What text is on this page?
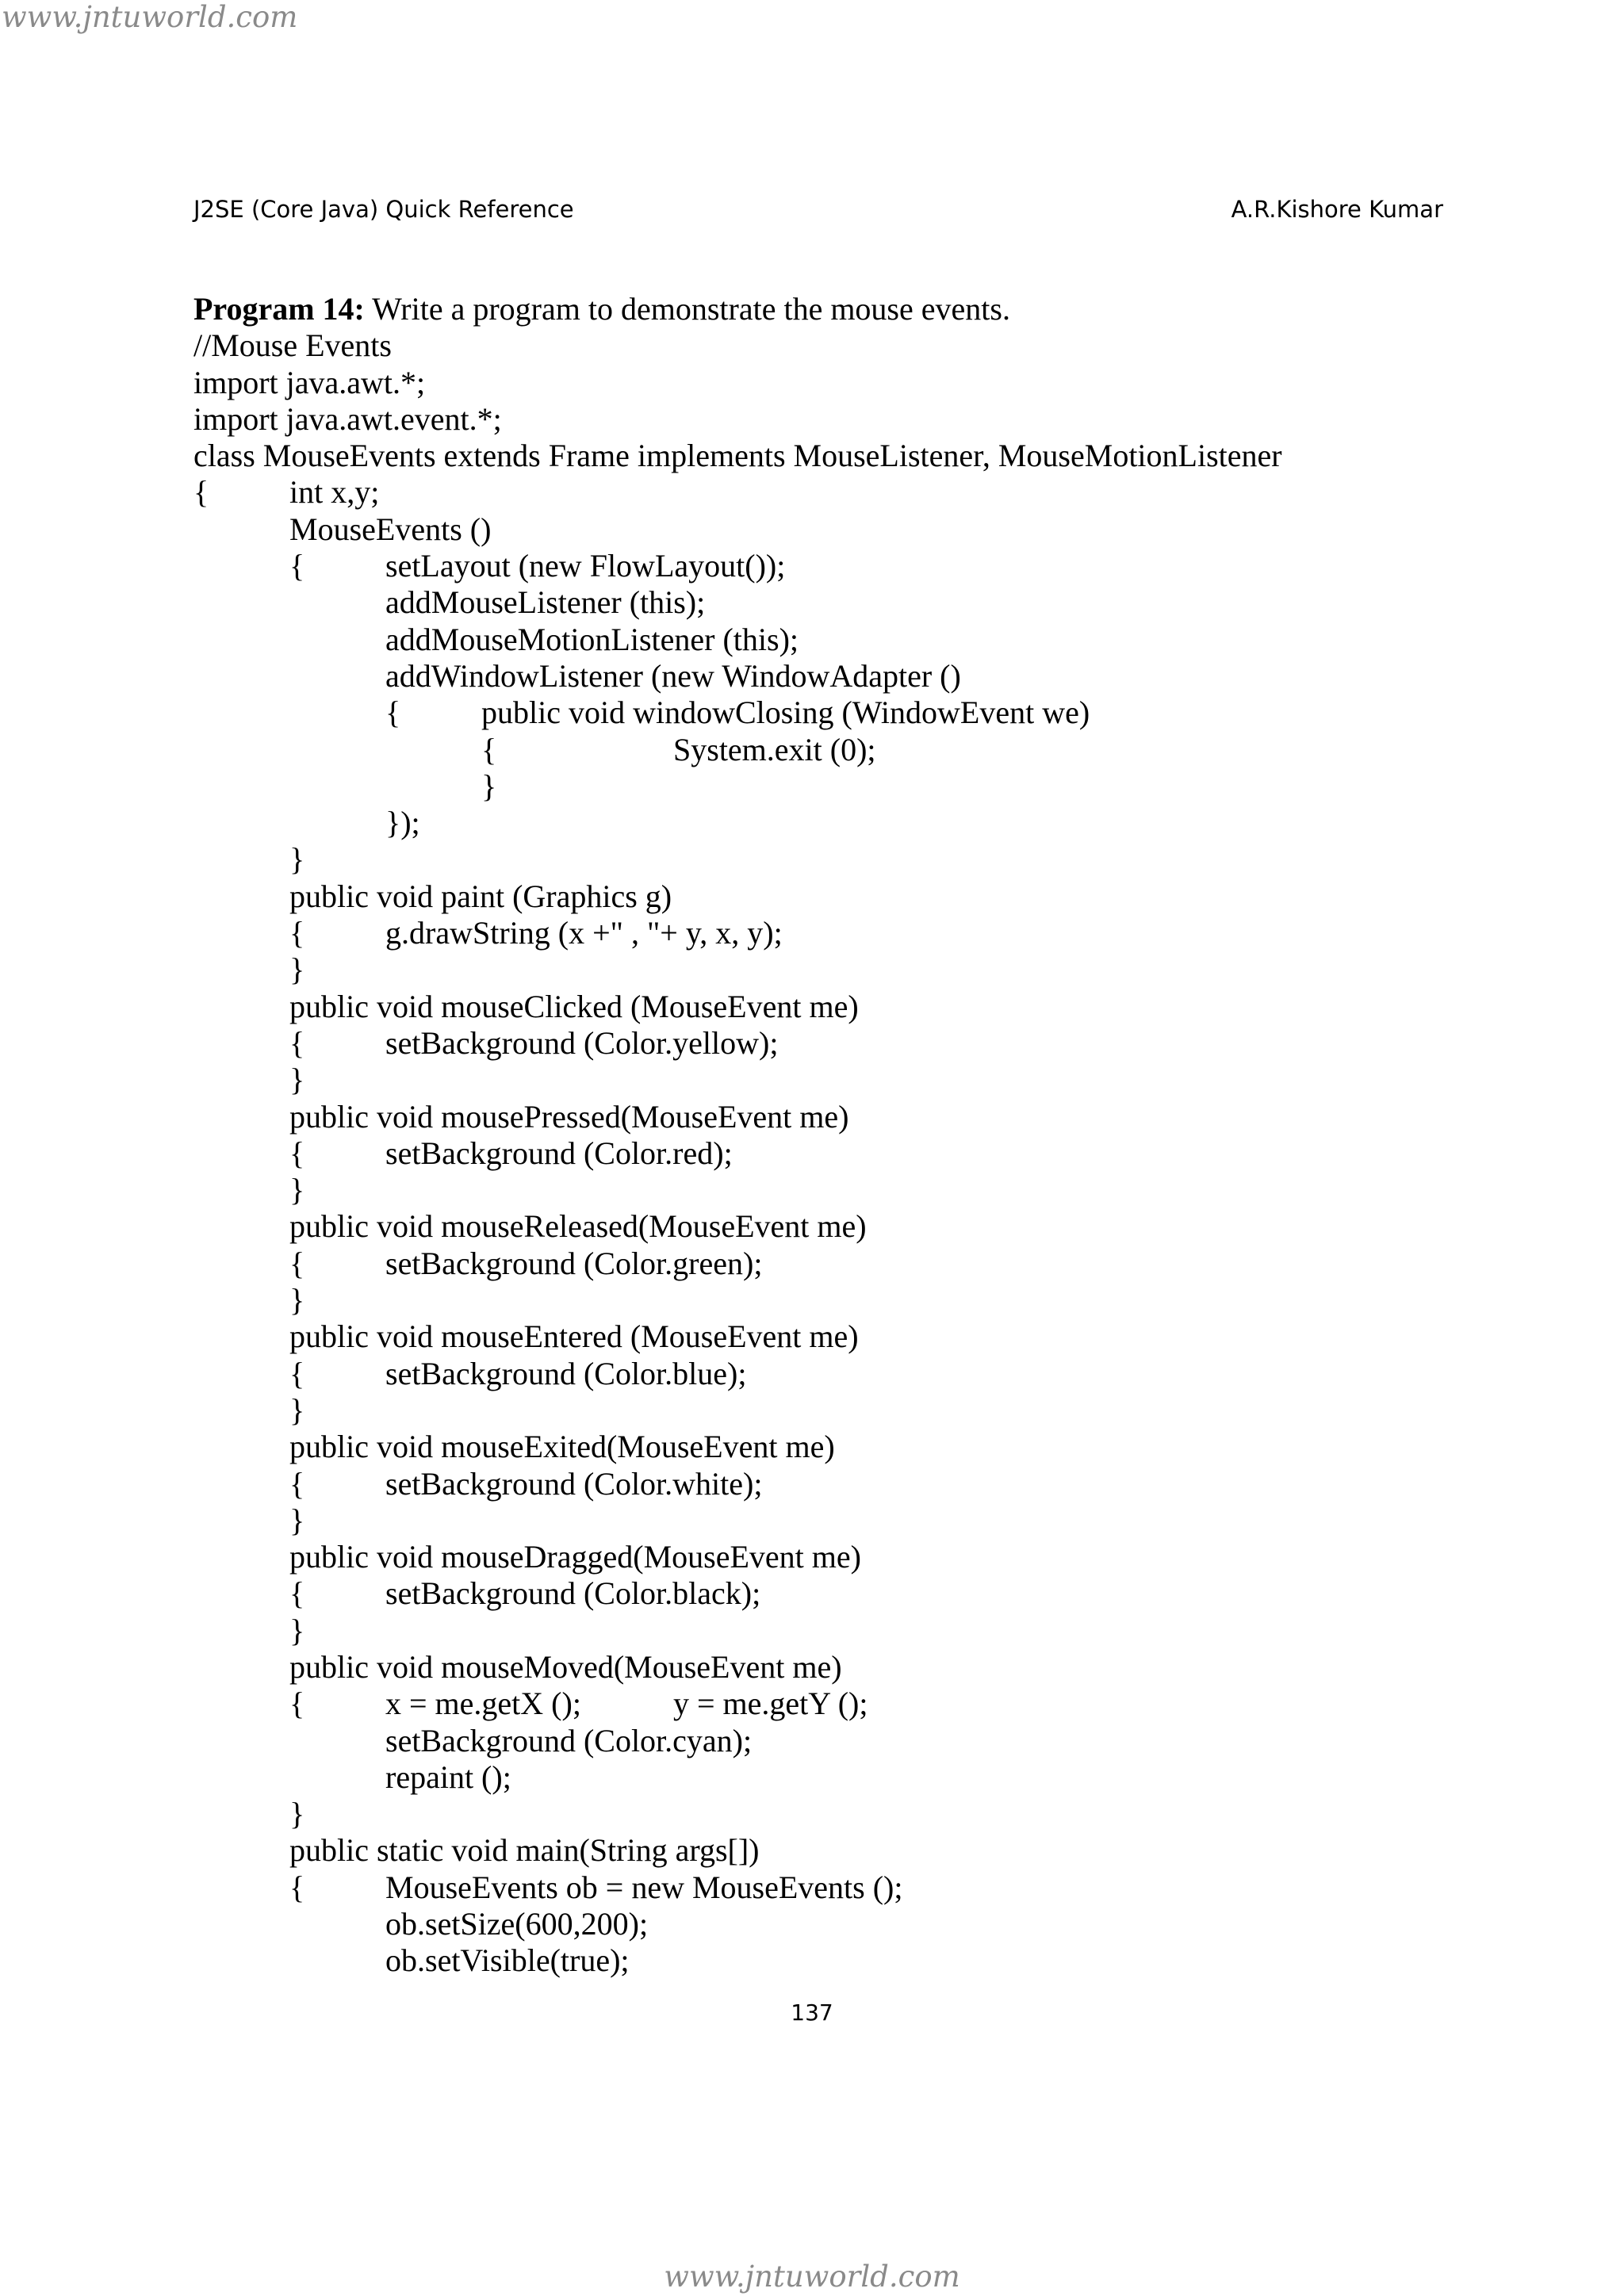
www.jntuworld.com
J2SE (Core Java) Quick Reference	A.R.Kishore Kumar
Program 14: Write a program to demonstrate the mouse events.
//Mouse Events
import java.awt.*;
import java.awt.event.*;
class MouseEvents extends Frame implements MouseListener, MouseMotionListener
{	int x,y;
MouseEvents ()
{	setLayout (new FlowLayout());
addMouseListener (this);
addMouseMotionListener (this);
addWindowListener (new WindowAdapter ()
{	public void windowClosing (WindowEvent we)
{	System.exit (0);
}
});
}
public void paint (Graphics g)
{	g.drawString (x +" , "+ y, x, y);
}
public void mouseClicked (MouseEvent me)
{	setBackground (Color.yellow);
}
public void mousePressed(MouseEvent me)
{	setBackground (Color.red);
}
public void mouseReleased(MouseEvent me)
{	setBackground (Color.green);
}
public void mouseEntered (MouseEvent me)
{	setBackground (Color.blue);
}
public void mouseExited(MouseEvent me)
{	setBackground (Color.white);
}
public void mouseDragged(MouseEvent me)
{	setBackground (Color.black);
}
public void mouseMoved(MouseEvent me)
{	x = me.getX ();	y = me.getY ();
setBackground (Color.cyan);
repaint ();
}
public static void main(String args[])
{	MouseEvents ob = new MouseEvents ();
ob.setSize(600,200);
ob.setVisible(true);
137
www.jntuworld.com
